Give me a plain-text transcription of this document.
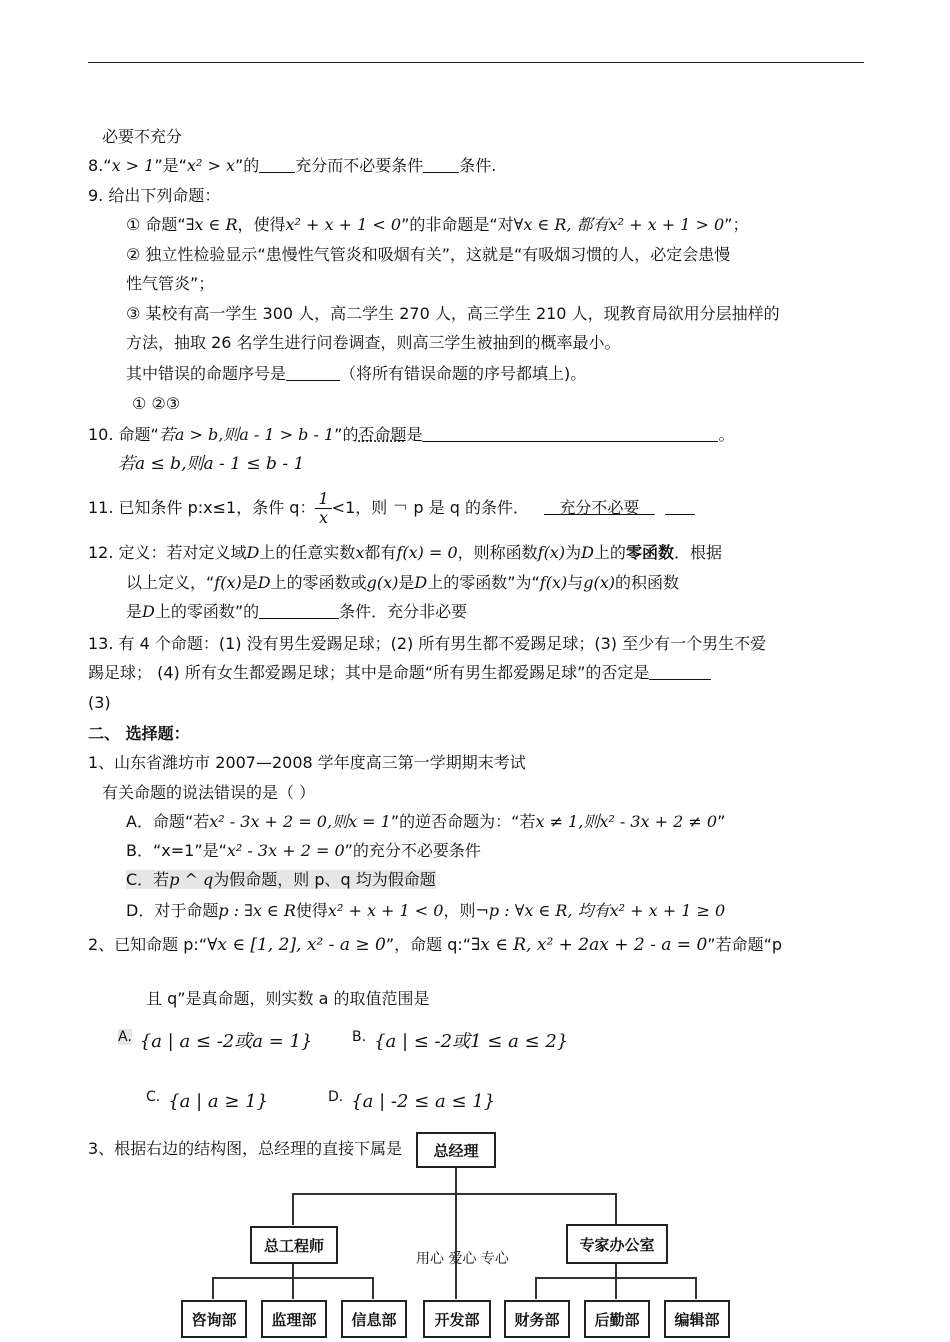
必要不充分
8.“x > 1”是“x² > x”的 充分而不必要条件 条件.
9. 给出下列命题：
① 命题“∃x ∈ R，使得x² + x + 1 < 0”的非命题是“对∀x ∈ R, 都有x² + x + 1 > 0”；
② 独立性检验显示“患慢性气管炎和吸烟有关”，这就是“有吸烟习惯的人，必定会患慢
性气管炎”；
③ 某校有高一学生 300 人，高二学生 270 人，高三学生 210 人，现教育局欲用分层抽样的
方法，抽取 26 名学生进行问卷调查，则高三学生被抽到的概率最小。
其中错误的命题序号是	（将所有错误命题的序号都填上)。
① ②③
10. 命题“若a > b,则a - 1 > b - 1”的否命题是	。
若a ≤ b,则a - 1 ≤ b - 1
11. 已知条件 p:x≤1，条件 q： $\frac{1}{x} <1$，则 ￢ p 是 q 的条件． 充分不必要
12. 定义：若对定义域D上的任意实数x都有f(x) = 0，则称函数f(x)为D上的零函数．根据
以上定义，“f(x)是D上的零函数或g(x)是D上的零函数”为“f(x)与g(x)的积函数
是D上的零函数”的	条件．充分非必要
13. 有 4 个命题：(1) 没有男生爱踢足球；(2) 所有男生都不爱踢足球；(3) 至少有一个男生不爱
踢足球； (4) 所有女生都爱踢足球；其中是命题“所有男生都爱踢足球”的否定是
(3)
二、 选择题：
1、山东省潍坊市 2007—2008 学年度高三第一学期期末考试
有关命题的说法错误的是（ ）
A．命题“若x² - 3x + 2 = 0,则x = 1”的逆否命题为：“若x ≠ 1,则x² - 3x + 2 ≠ 0”
B．“x=1”是“x² - 3x + 2 = 0”的充分不必要条件
C．若p ^ q为假命题，则 p、q 均为假命题
D．对于命题p : ∃x ∈ R使得x² + x + 1 < 0，则¬p : ∀x ∈ R, 均有x² + x + 1 ≥ 0
2、已知命题 p:“∀x ∈ [1, 2], x² - a ≥ 0”，命题 q:“∃x ∈ R, x² + 2ax + 2 - a = 0”若命题“p
且 q”是真命题，则实数 a 的取值范围是
A. {a | a ≤ -2或a = 1}	B. {a | ≤ -2或1 ≤ a ≤ 2}
C. {a | a ≥ 1}	D. {a | -2 ≤ a ≤ 1}
3、根据右边的结构图，总经理的直接下属是	总经理
总工程师	专家办公室
咨询部	监理部	信息部	开发部	财务部	后勤部	编辑部
用心 爱心 专心
